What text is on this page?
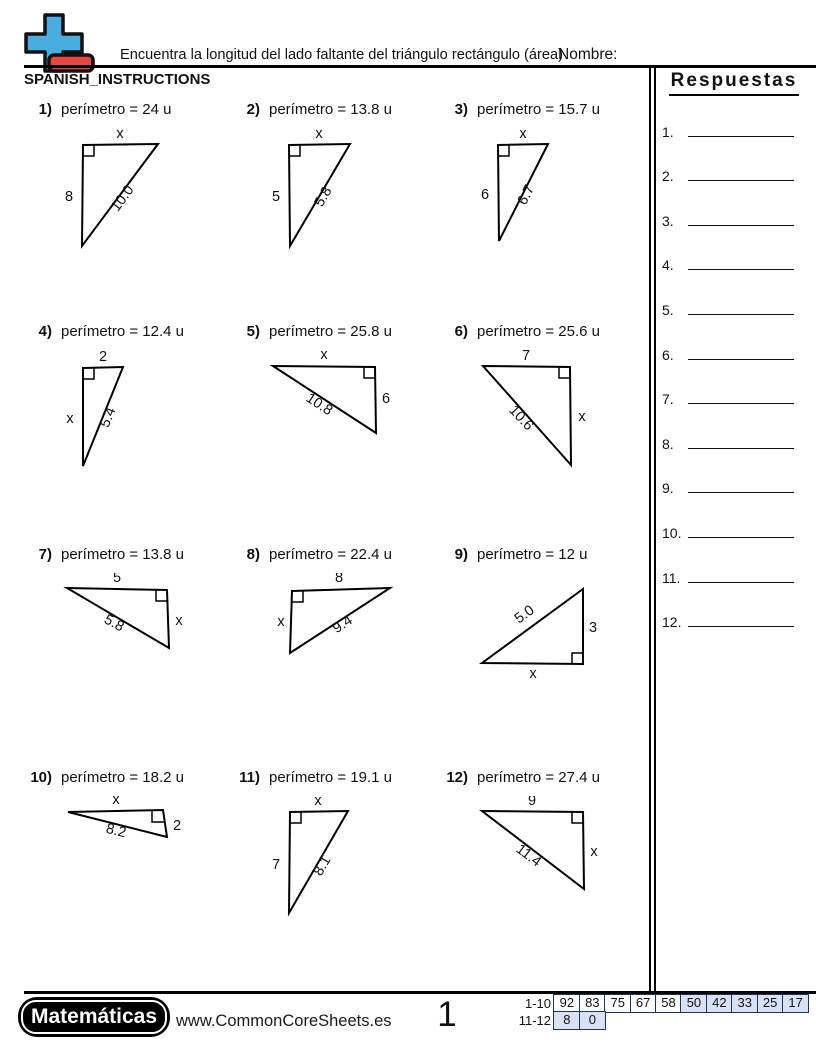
Encuentra la longitud del lado faltante del triángulo rectángulo (área)
Nombre:
SPANISH_INSTRUCTIONS
1) perímetro = 24 u
x
8 10.0
2) perímetro = 13.8 u
x
5 5.8
3) perímetro = 15.7 u
x
6 6.7
4) perímetro = 12.4 u
2
x 5.4
5) perímetro = 25.8 u
x
6
10.8
6) perímetro = 25.6 u
7
x
10.6
7) perímetro = 13.8 u
5
x
5.8
8) perímetro = 22.4 u
8
x	9.4
9) perímetro = 12 u
x
3
5.0
10) perímetro = 18.2 u
x
2
8.2
11) perímetro = 19.1 u
x
7 8.1
12) perímetro = 27.4 u
9
x
11.4
Respuestas
1.
2.
3.
4.
5.
6.
7.
8.
9.
10.
11.
12.
Matemáticas www.CommonCoreSheets.es	1	1-10 92 83 75 67 58 50 42 33 25 17
11-12 8	0
